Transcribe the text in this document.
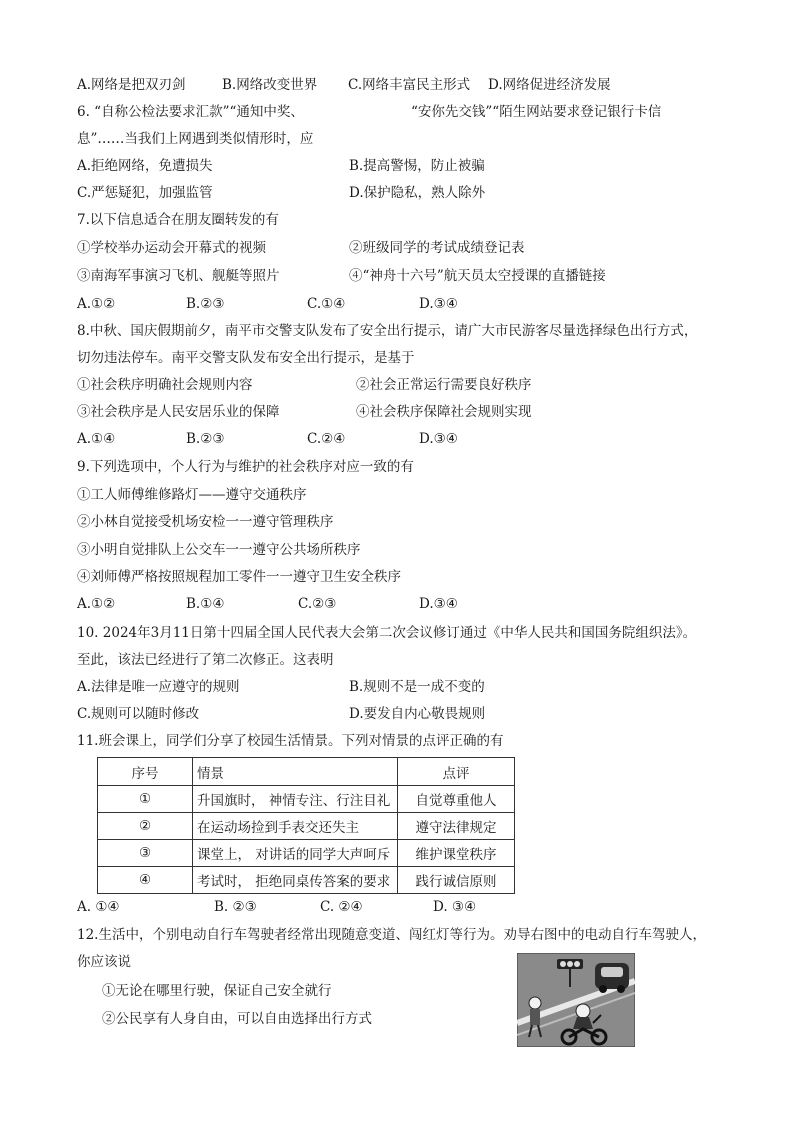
A.网络是把双刃剑	B.网络改变世界 C.网络丰富民主形式 D.网络促进经济发展
6. “自称公检法要求汇款”“通知中奖、	“安你先交钱”“陌生网站要求登记银行卡信
息”……当我们上网遇到类似情形时，应
A.拒绝网络，免遭损失	B.提高警惕，防止被骗
C.严惩疑犯，加强监管	D.保护隐私，熟人除外
7.以下信息适合在朋友圈转发的有
①学校举办运动会开幕式的视频	②班级同学的考试成绩登记表
③南海军事演习飞机、舰艇等照片	④“神舟十六号”航天员太空授课的直播链接
A.①②	B.②③	C.①④	D.③④
8.中秋、国庆假期前夕，南平市交警支队发布了安全出行提示，请广大市民游客尽量选择绿色出行方式，
切勿违法停车。南平交警支队发布安全出行提示，是基于
①社会秩序明确社会规则内容	②社会正常运行需要良好秩序
③社会秩序是人民安居乐业的保障	④社会秩序保障社会规则实现
A.①④	B.②③	C.②④	D.③④
9.下列选项中，个人行为与维护的社会秩序对应一致的有
①工人师傅维修路灯——遵守交通秩序
②小林自觉接受机场安检一一遵守管理秩序
③小明自觉排队上公交车一一遵守公共场所秩序
④刘师傅严格按照规程加工零件一一遵守卫生安全秩序
A.①②	B.①④	C.②③	D.③④
10. 2024年3月11日第十四届全国人民代表大会第二次会议修订通过《中华人民共和国国务院组织法》。
至此，该法已经进行了第二次修正。这表明
A.法律是唯一应遵守的规则	B.规则不是一成不变的
C.规则可以随时修改	D.要发自内心敬畏规则
11.班会课上，同学们分享了校园生活情景。下列对情景的点评正确的有
序号	情景	点评
①	升国旗时， 神情专注、行注目礼	自觉尊重他人
②	在运动场捡到手表交还失主	遵守法律规定
③	课堂上， 对讲话的同学大声呵斥	维护课堂秩序
④	考试时， 拒绝同桌传答案的要求	践行诚信原则
A. ①④	B. ②③	C. ②④	D. ③④
12.生活中，个别电动自行车驾驶者经常出现随意变道、闯红灯等行为。劝导右图中的电动自行车驾驶人，
你应该说
①无论在哪里行驶，保证自己安全就行
②公民享有人身自由，可以自由选择出行方式
